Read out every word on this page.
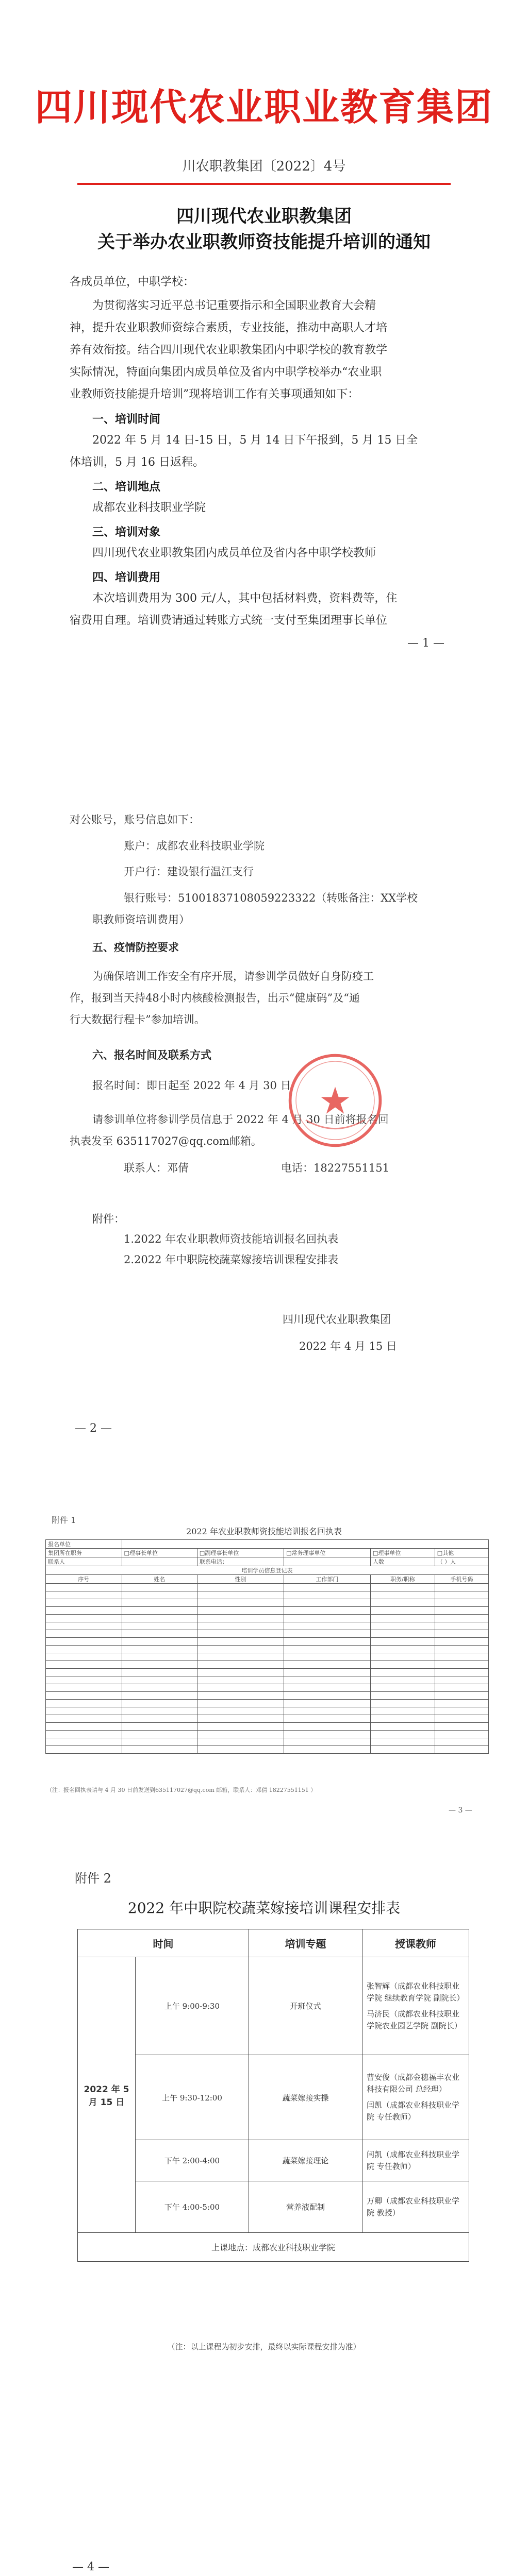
四川现代农业职业教育集团
川农职教集团〔2022〕4号
四川现代农业职教集团
关于举办农业职教师资技能提升培训的通知
各成员单位，中职学校：
为贯彻落实习近平总书记重要指示和全国职业教育大会精
神，提升农业职教师资综合素质，专业技能，推动中高职人才培
养有效衔接。结合四川现代农业职教集团内中职学校的教育教学
实际情况，特面向集团内成员单位及省内中职学校举办“农业职
业教师资技能提升培训”现将培训工作有关事项通知如下：
一、培训时间
2022 年 5 月 14 日-15 日，5 月 14 日下午报到，5 月 15 日全
体培训，5 月 16 日返程。
二、培训地点
成都农业科技职业学院
三、培训对象
四川现代农业职教集团内成员单位及省内各中职学校教师
四、培训费用
本次培训费用为 300 元/人，其中包括材料费，资料费等，住
宿费用自理。培训费请通过转账方式统一支付至集团理事长单位
— 1 —
对公账号，账号信息如下：
账户：成都农业科技职业学院
开户行：建设银行温江支行
银行账号：51001837108059223322（转账备注：XX学校
职教师资培训费用）
五、疫情防控要求
为确保培训工作安全有序开展，请参训学员做好自身防疫工
作，报到当天持48小时内核酸检测报告，出示“健康码”及“通
行大数据行程卡”参加培训。
六、报名时间及联系方式
报名时间：即日起至 2022 年 4 月 30 日
请参训单位将参训学员信息于 2022 年 4 月 30 日前将报名回
执表发至 635117027@qq.com邮箱。
联系人：邓倩	电话：18227551151
附件：
1.2022 年农业职教师资技能培训报名回执表
2.2022 年中职院校蔬菜嫁接培训课程安排表
四川现代农业职教集团
2022 年 4 月 15 日
— 2 —
附件 1
2022 年农业职教师资技能培训报名回执表
报名单位					
集团所在职务	□理事长单位	□副理事长单位	□常务理事单位	□理事单位	□其他
联系人		联系电话：		人数	（ ）人
培训学员信息登记表					
序号	姓名	性别	工作部门	职务/职称	手机号码

（注：报名回执表请与 4 月 30 日前发送到635117027@qq.com 邮箱，联系人：邓倩 18227551151 ）
— 3 —
附件 2
2022 年中职院校蔬菜嫁接培训课程安排表
时间		培训专题	授课教师
2022 年 5 月 15 日	上午 9:00-9:30	开班仪式	张智辉（成都农业科技职业学院 继续教育学院 副院长）
马济民（成都农业科技职业学院农业园艺学院 副院长）

	上午 9:30-12:00	蔬菜嫁接实操	曹安俊（成都金穗福丰农业科技有限公司 总经理）
闫凯（成都农业科技职业学院 专任教师）

	下午 2:00-4:00	蔬菜嫁接理论	闫凯（成都农业科技职业学院 专任教师）

	下午 4:00-5:00	营养液配制	万卿（成都农业科技职业学院 教授）

上课地点：成都农业科技职业学院			
（注：以上课程为初步安排，最终以实际课程安排为准）
— 4 —
